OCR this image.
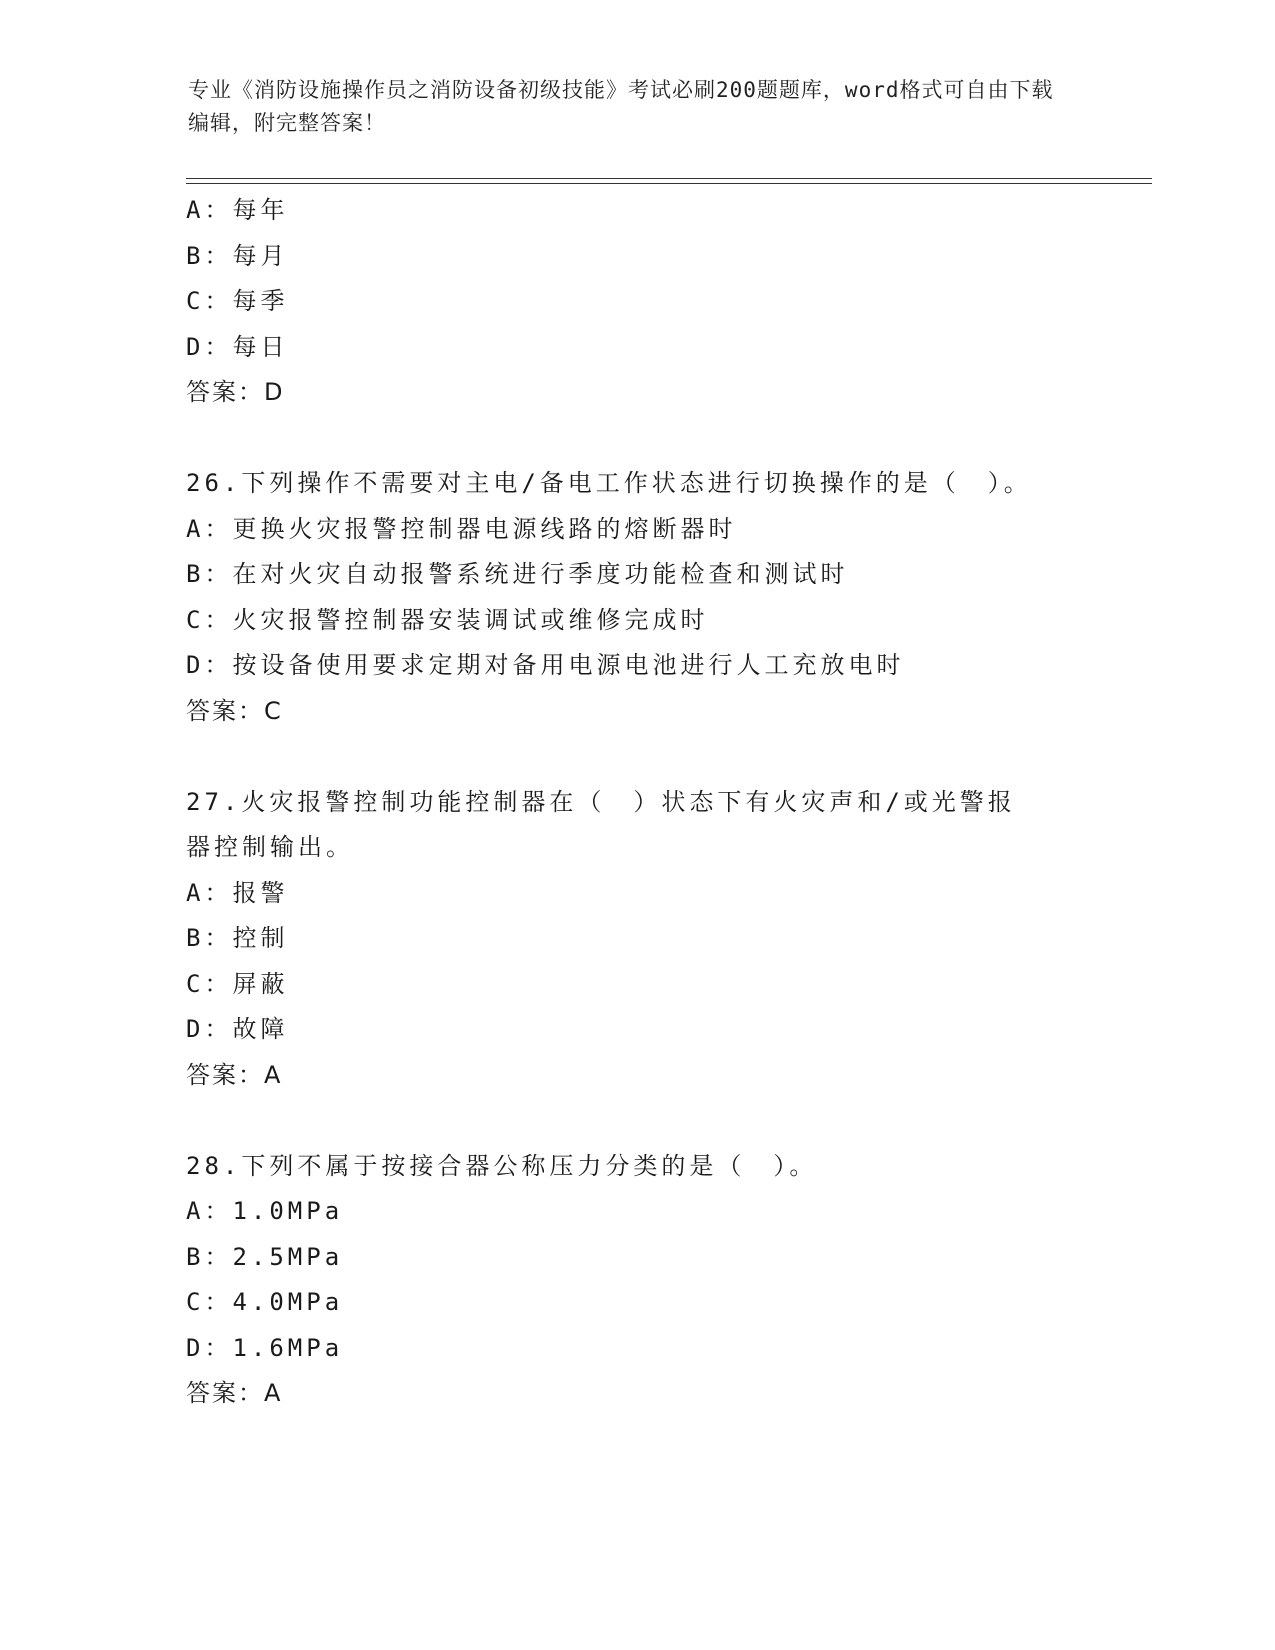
专业《消防设施操作员之消防设备初级技能》考试必刷200题题库，word格式可自由下载编辑，附完整答案！
A：每年
B：每月
C：每季
D：每日
答案：D
26.下列操作不需要对主电/备电工作状态进行切换操作的是（　）。
A：更换火灾报警控制器电源线路的熔断器时
B：在对火灾自动报警系统进行季度功能检查和测试时
C：火灾报警控制器安装调试或维修完成时
D：按设备使用要求定期对备用电源电池进行人工充放电时
答案：C
27.火灾报警控制功能控制器在（　）状态下有火灾声和/或光警报器控制输出。
A：报警
B：控制
C：屏蔽
D：故障
答案：A
28.下列不属于按接合器公称压力分类的是（　）。
A：1.0MPa
B：2.5MPa
C：4.0MPa
D：1.6MPa
答案：A
